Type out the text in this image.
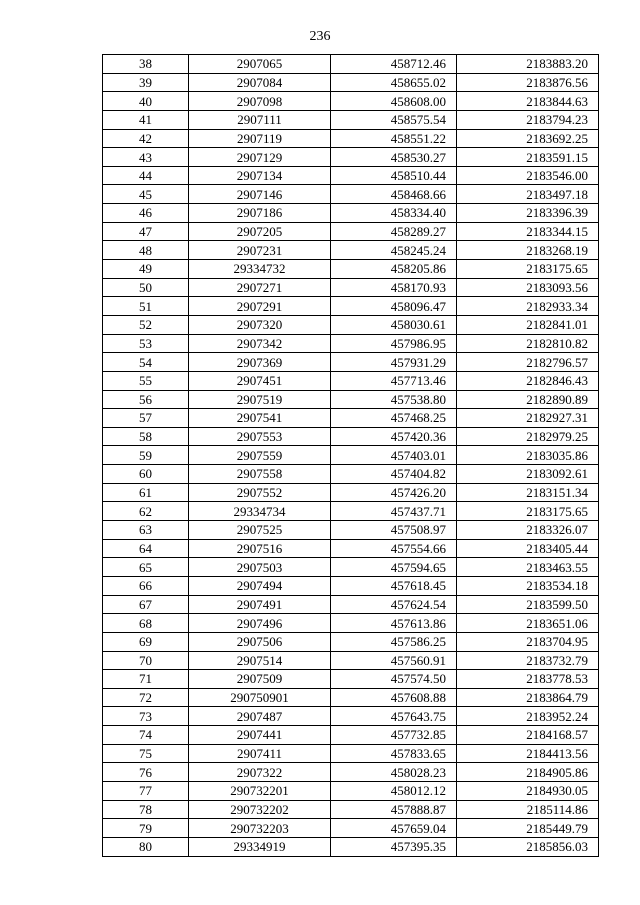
236
38	2907065	458712.46	2183883.20
39	2907084	458655.02	2183876.56
40	2907098	458608.00	2183844.63
41	2907111	458575.54	2183794.23
42	2907119	458551.22	2183692.25
43	2907129	458530.27	2183591.15
44	2907134	458510.44	2183546.00
45	2907146	458468.66	2183497.18
46	2907186	458334.40	2183396.39
47	2907205	458289.27	2183344.15
48	2907231	458245.24	2183268.19
49	29334732	458205.86	2183175.65
50	2907271	458170.93	2183093.56
51	2907291	458096.47	2182933.34
52	2907320	458030.61	2182841.01
53	2907342	457986.95	2182810.82
54	2907369	457931.29	2182796.57
55	2907451	457713.46	2182846.43
56	2907519	457538.80	2182890.89
57	2907541	457468.25	2182927.31
58	2907553	457420.36	2182979.25
59	2907559	457403.01	2183035.86
60	2907558	457404.82	2183092.61
61	2907552	457426.20	2183151.34
62	29334734	457437.71	2183175.65
63	2907525	457508.97	2183326.07
64	2907516	457554.66	2183405.44
65	2907503	457594.65	2183463.55
66	2907494	457618.45	2183534.18
67	2907491	457624.54	2183599.50
68	2907496	457613.86	2183651.06
69	2907506	457586.25	2183704.95
70	2907514	457560.91	2183732.79
71	2907509	457574.50	2183778.53
72	290750901	457608.88	2183864.79
73	2907487	457643.75	2183952.24
74	2907441	457732.85	2184168.57
75	2907411	457833.65	2184413.56
76	2907322	458028.23	2184905.86
77	290732201	458012.12	2184930.05
78	290732202	457888.87	2185114.86
79	290732203	457659.04	2185449.79
80	29334919	457395.35	2185856.03
